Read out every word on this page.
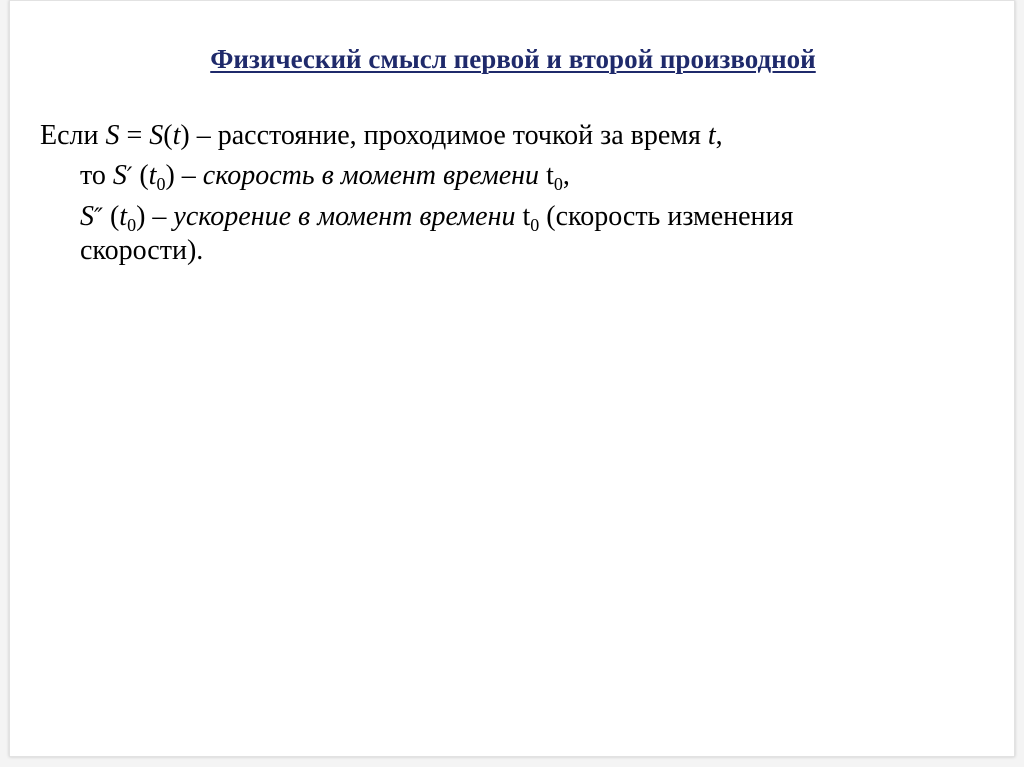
Физический смысл первой и второй производной
Если S = S(t) – расстояние, проходимое точкой за время t,
то S′ $(t_0)$ – скорость в момент времени $t_0$,
S″ $(t_0)$ – ускорение в момент времени $t_0$ (скорость изменения
скорости).
